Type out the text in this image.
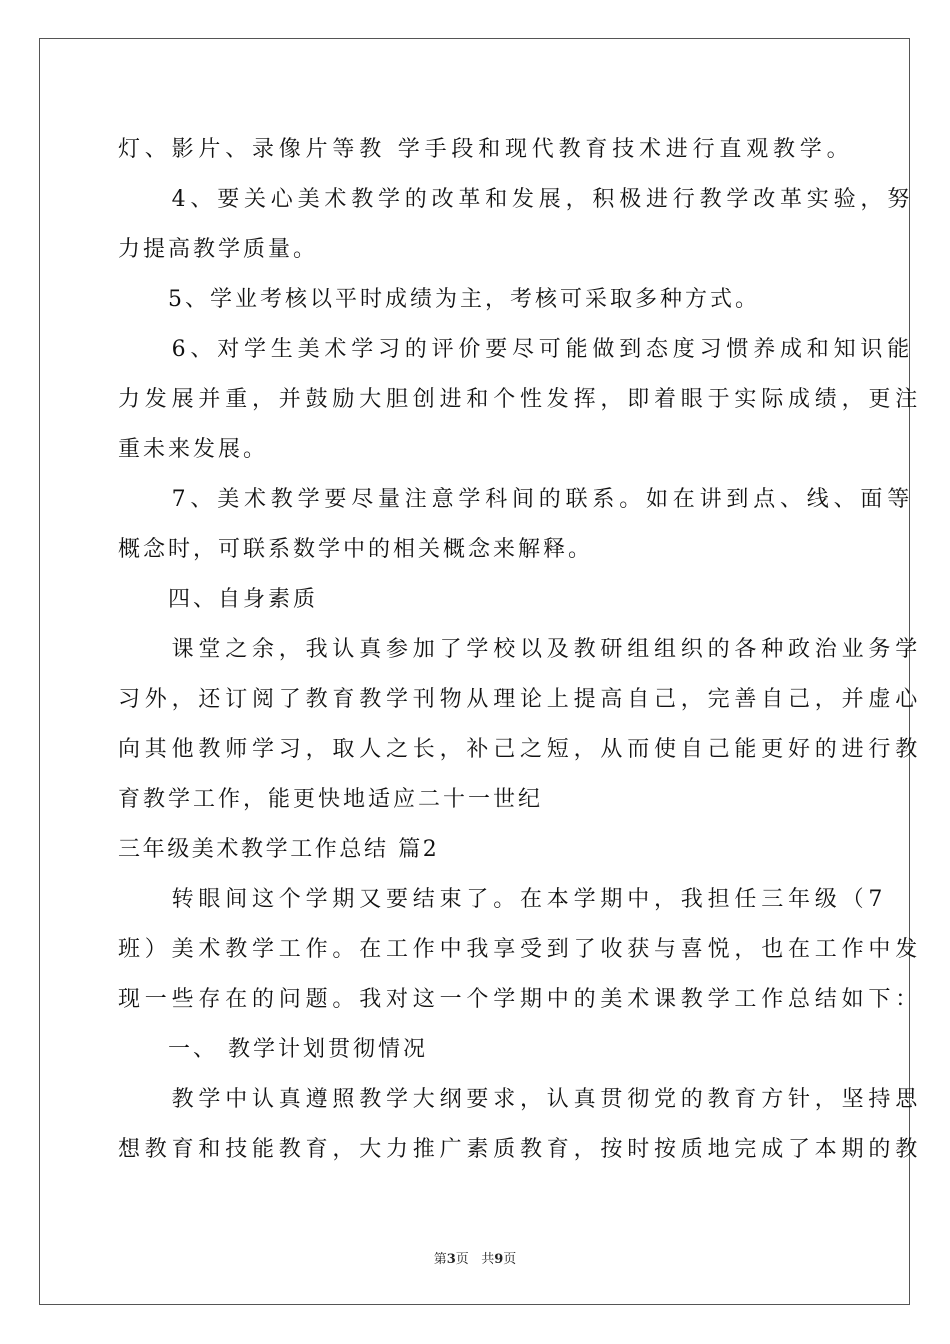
灯、影片、录像片等教 学手段和现代教育技术进行直观教学。
　　4、要关心美术教学的改革和发展，积极进行教学改革实验，努
力提高教学质量。
　　5、学业考核以平时成绩为主，考核可采取多种方式。
　　6、对学生美术学习的评价要尽可能做到态度习惯养成和知识能
力发展并重，并鼓励大胆创进和个性发挥，即着眼于实际成绩，更注
重未来发展。
　　7、美术教学要尽量注意学科间的联系。如在讲到点、线、面等
概念时，可联系数学中的相关概念来解释。
　　四、自身素质
　　课堂之余，我认真参加了学校以及教研组组织的各种政治业务学
习外，还订阅了教育教学刊物从理论上提高自己，完善自己，并虚心
向其他教师学习，取人之长，补己之短，从而使自己能更好的进行教
育教学工作，能更快地适应二十一世纪
三年级美术教学工作总结 篇2
　　转眼间这个学期又要结束了。在本学期中，我担任三年级（7
班）美术教学工作。在工作中我享受到了收获与喜悦，也在工作中发
现一些存在的问题。我对这一个学期中的美术课教学工作总结如下：
　　一、 教学计划贯彻情况
　　教学中认真遵照教学大纲要求，认真贯彻党的教育方针，坚持思
想教育和技能教育，大力推广素质教育，按时按质地完成了本期的教
第3页 共9页
